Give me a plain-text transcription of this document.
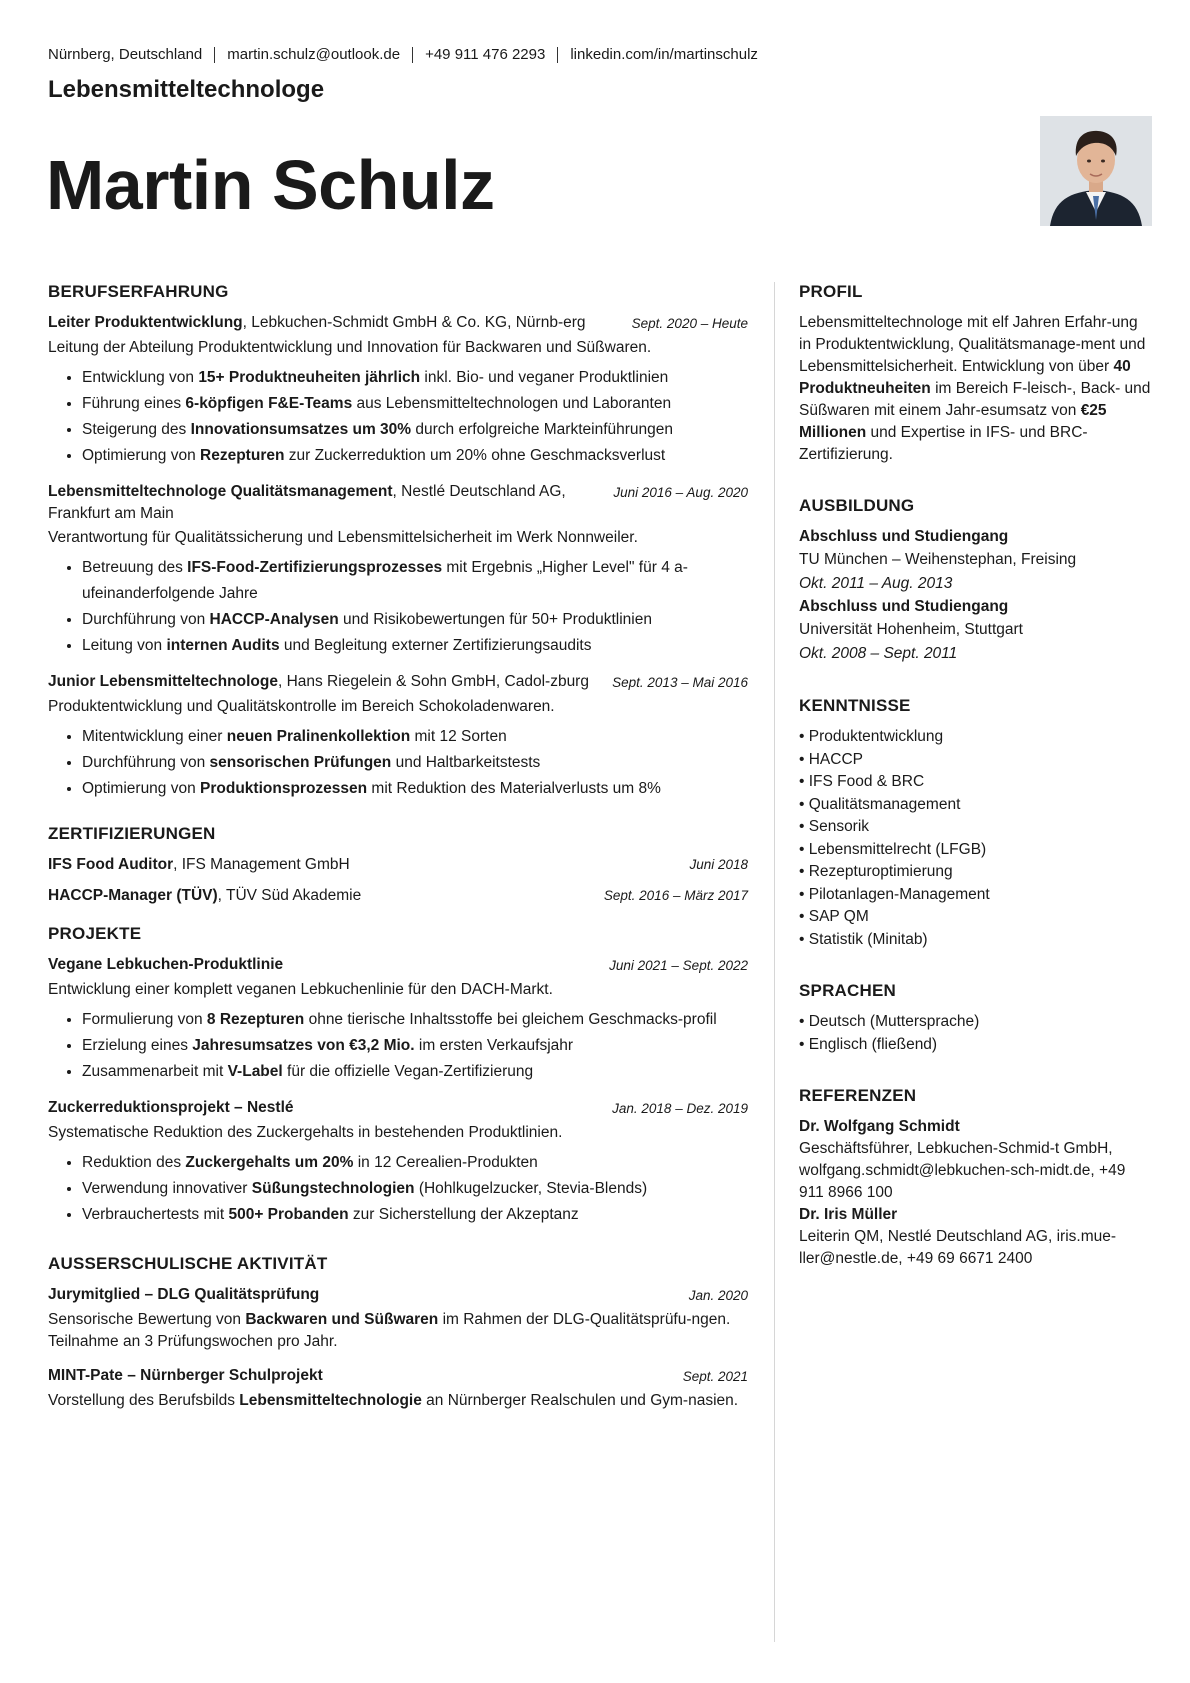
Nürnberg, Deutschland martin.schulz@outlook.de +49 911 476 2293 linkedin.com/in/martinschulz
Lebensmitteltechnologe
Martin Schulz
BERUFSERFAHRUNG
Leiter Produktentwicklung, Lebkuchen-Schmidt GmbH & Co. KG, Nürnb-erg	Sept. 2020 – Heute
Leitung der Abteilung Produktentwicklung und Innovation für Backwaren und Süßwaren.
• Entwicklung von 15+ Produktneuheiten jährlich inkl. Bio- und veganer Produktlinien
• Führung eines 6-köpfigen F&E-Teams aus Lebensmitteltechnologen und Laboranten
• Steigerung des Innovationsumsatzes um 30% durch erfolgreiche Markteinführungen
• Optimierung von Rezepturen zur Zuckerreduktion um 20% ohne Geschmacksverlust
Lebensmitteltechnologe Qualitätsmanagement, Nestlé Deutschland AG, Frankfurt am Main
Juni 2016 – Aug. 2020
Verantwortung für Qualitätssicherung und Lebensmittelsicherheit im Werk Nonnweiler.
• Betreuung des IFS-Food-Zertifizierungsprozesses mit Ergebnis „Higher Level" für 4 a-ufeinanderfolgende Jahre
• Durchführung von HACCP-Analysen und Risikobewertungen für 50+ Produktlinien
• Leitung von internen Audits und Begleitung externer Zertifizierungsaudits
Junior Lebensmitteltechnologe, Hans Riegelein & Sohn GmbH, Cadol-zburg	Sept. 2013 – Mai 2016
Produktentwicklung und Qualitätskontrolle im Bereich Schokoladenwaren.
• Mitentwicklung einer neuen Pralinenkollektion mit 12 Sorten
• Durchführung von sensorischen Prüfungen und Haltbarkeitstests
• Optimierung von Produktionsprozessen mit Reduktion des Materialverlusts um 8%
ZERTIFIZIERUNGEN
IFS Food Auditor, IFS Management GmbH	Juni 2018
HACCP-Manager (TÜV), TÜV Süd Akademie	Sept. 2016 – März 2017
PROJEKTE
Vegane Lebkuchen-Produktlinie	Juni 2021 – Sept. 2022
Entwicklung einer komplett veganen Lebkuchenlinie für den DACH-Markt.
• Formulierung von 8 Rezepturen ohne tierische Inhaltsstoffe bei gleichem Geschmacks-profil
• Erzielung eines Jahresumsatzes von €3,2 Mio. im ersten Verkaufsjahr
• Zusammenarbeit mit V-Label für die offizielle Vegan-Zertifizierung
Zuckerreduktionsprojekt – Nestlé	Jan. 2018 – Dez. 2019
Systematische Reduktion des Zuckergehalts in bestehenden Produktlinien.
• Reduktion des Zuckergehalts um 20% in 12 Cerealien-Produkten
• Verwendung innovativer Süßungstechnologien (Hohlkugelzucker, Stevia-Blends)
• Verbrauchertests mit 500+ Probanden zur Sicherstellung der Akzeptanz
AUSSERSCHULISCHE AKTIVITÄT
Jurymitglied – DLG Qualitätsprüfung	Jan. 2020
Sensorische Bewertung von Backwaren und Süßwaren im Rahmen der DLG-Qualitätsprüfu-ngen. Teilnahme an 3 Prüfungswochen pro Jahr.
MINT-Pate – Nürnberger Schulprojekt	Sept. 2021
Vorstellung des Berufsbilds Lebensmitteltechnologie an Nürnberger Realschulen und Gym-nasien.
PROFIL
Lebensmitteltechnologe mit elf Jahren Erfahr-ung in Produktentwicklung, Qualitätsmanage-ment und Lebensmittelsicherheit. Entwicklung von über 40 Produktneuheiten im Bereich F-leisch-, Back- und Süßwaren mit einem Jahr-esumsatz von €25 Millionen und Expertise in IFS- und BRC-Zertifizierung.
AUSBILDUNG
Abschluss und Studiengang
TU München – Weihenstephan, Freising
Okt. 2011 – Aug. 2013
Abschluss und Studiengang
Universität Hohenheim, Stuttgart
Okt. 2008 – Sept. 2011
KENNTNISSE
• Produktentwicklung
• HACCP
• IFS Food & BRC
• Qualitätsmanagement
• Sensorik
• Lebensmittelrecht (LFGB)
• Rezepturoptimierung
• Pilotanlagen-Management
• SAP QM
• Statistik (Minitab)
SPRACHEN
• Deutsch (Muttersprache)
• Englisch (fließend)
REFERENZEN
Dr. Wolfgang Schmidt
Geschäftsführer, Lebkuchen-Schmid-t GmbH, wolfgang.schmidt@lebkuchen-sch-midt.de, +49 911 8966 100
Dr. Iris Müller
Leiterin QM, Nestlé Deutschland AG, iris.mue-ller@nestle.de, +49 69 6671 2400
